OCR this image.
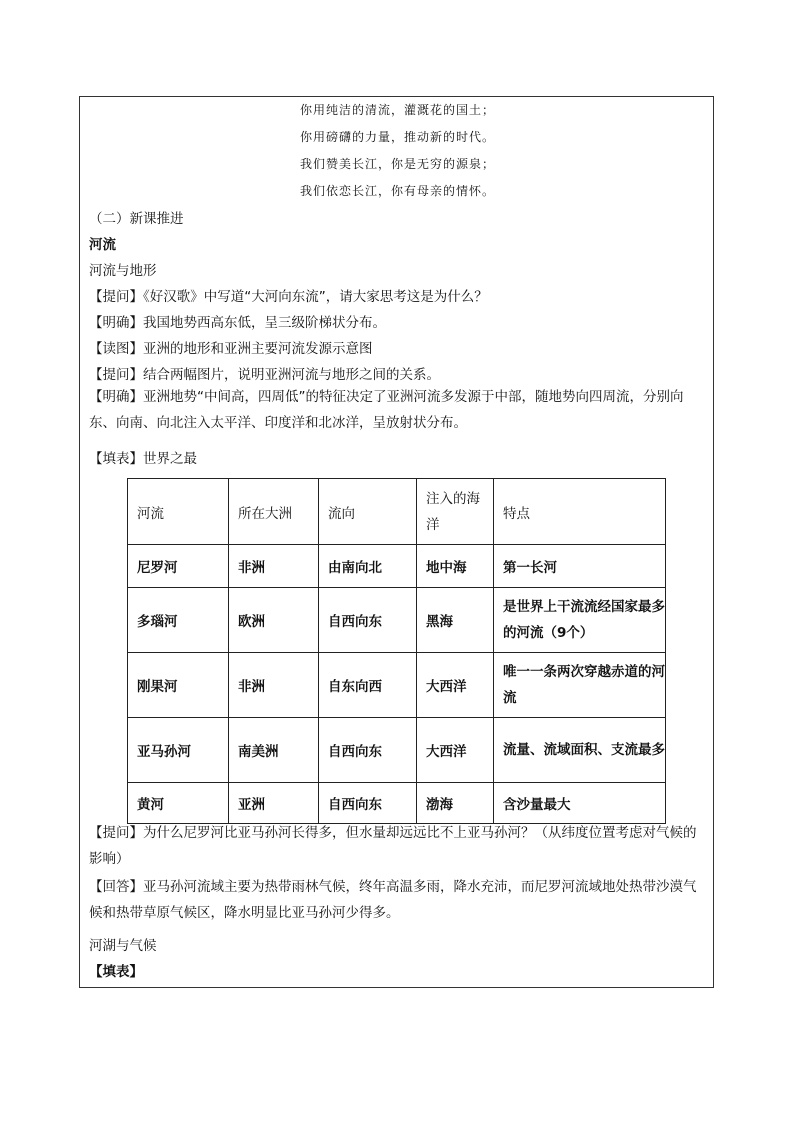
你用纯洁的清流，灌溉花的国土；
你用磅礴的力量，推动新的时代。
我们赞美长江，你是无穷的源泉；
我们依恋长江，你有母亲的情怀。
（二）新课推进
河流
河流与地形
【提问】《好汉歌》中写道“大河向东流”，请大家思考这是为什么？
【明确】我国地势西高东低，呈三级阶梯状分布。
【读图】亚洲的地形和亚洲主要河流发源示意图
【提问】结合两幅图片，说明亚洲河流与地形之间的关系。
【明确】亚洲地势“中间高，四周低”的特征决定了亚洲河流多发源于中部，随地势向四周流，分别向东、向南、向北注入太平洋、印度洋和北冰洋，呈放射状分布。
【填表】世界之最
【提问】为什么尼罗河比亚马孙河长得多，但水量却远远比不上亚马孙河？（从纬度位置考虑对气候的影响）
【回答】亚马孙河流域主要为热带雨林气候，终年高温多雨，降水充沛，而尼罗河流域地处热带沙漠气候和热带草原气候区，降水明显比亚马孙河少得多。
河湖与气候
【填表】
河流	所在大洲	流向	注入的海洋	特点
尼罗河	非洲	由南向北	地中海	第一长河
多瑙河	欧洲	自西向东	黑海	是世界上干流流经国家最多的河流（9个）
刚果河	非洲	自东向西	大西洋	唯一一条两次穿越赤道的河流
亚马孙河	南美洲	自西向东	大西洋	流量、流域面积、支流最多
黄河	亚洲	自西向东	渤海	含沙量最大
